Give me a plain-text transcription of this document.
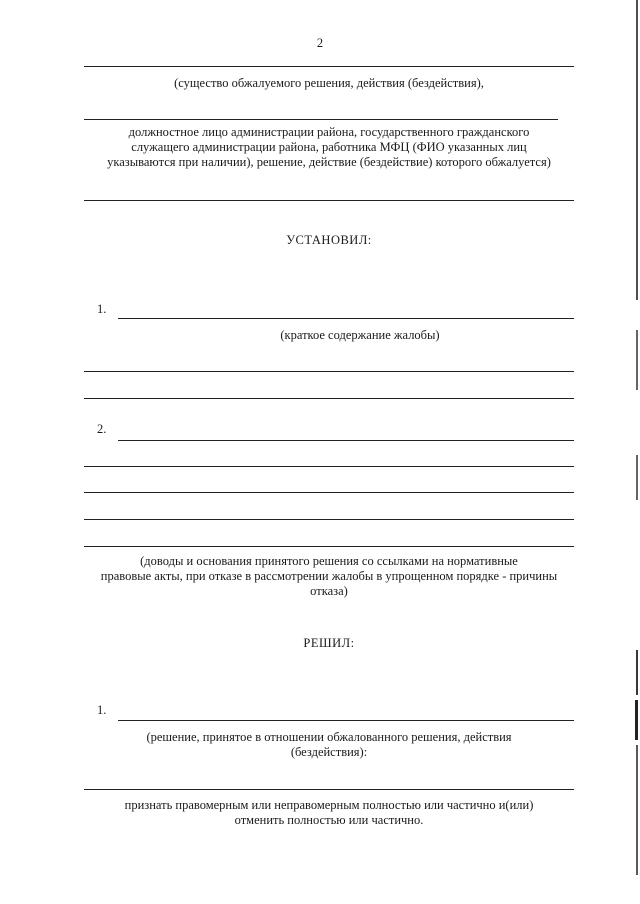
2
(существо обжалуемого решения, действия (бездействия),
должностное лицо администрации района, государственного гражданского
служащего администрации района, работника МФЦ (ФИО указанных лиц
указываются при наличии), решение, действие (бездействие) которого обжалуется)
УСТАНОВИЛ:
1.
(краткое содержание жалобы)
2.
(доводы и основания принятого решения со ссылками на нормативные
правовые акты, при отказе в рассмотрении жалобы в упрощенном порядке - причины
отказа)
РЕШИЛ:
1.
(решение, принятое в отношении обжалованного решения, действия
(бездействия):
признать правомерным или неправомерным полностью или частично и(или)
отменить полностью или частично.
